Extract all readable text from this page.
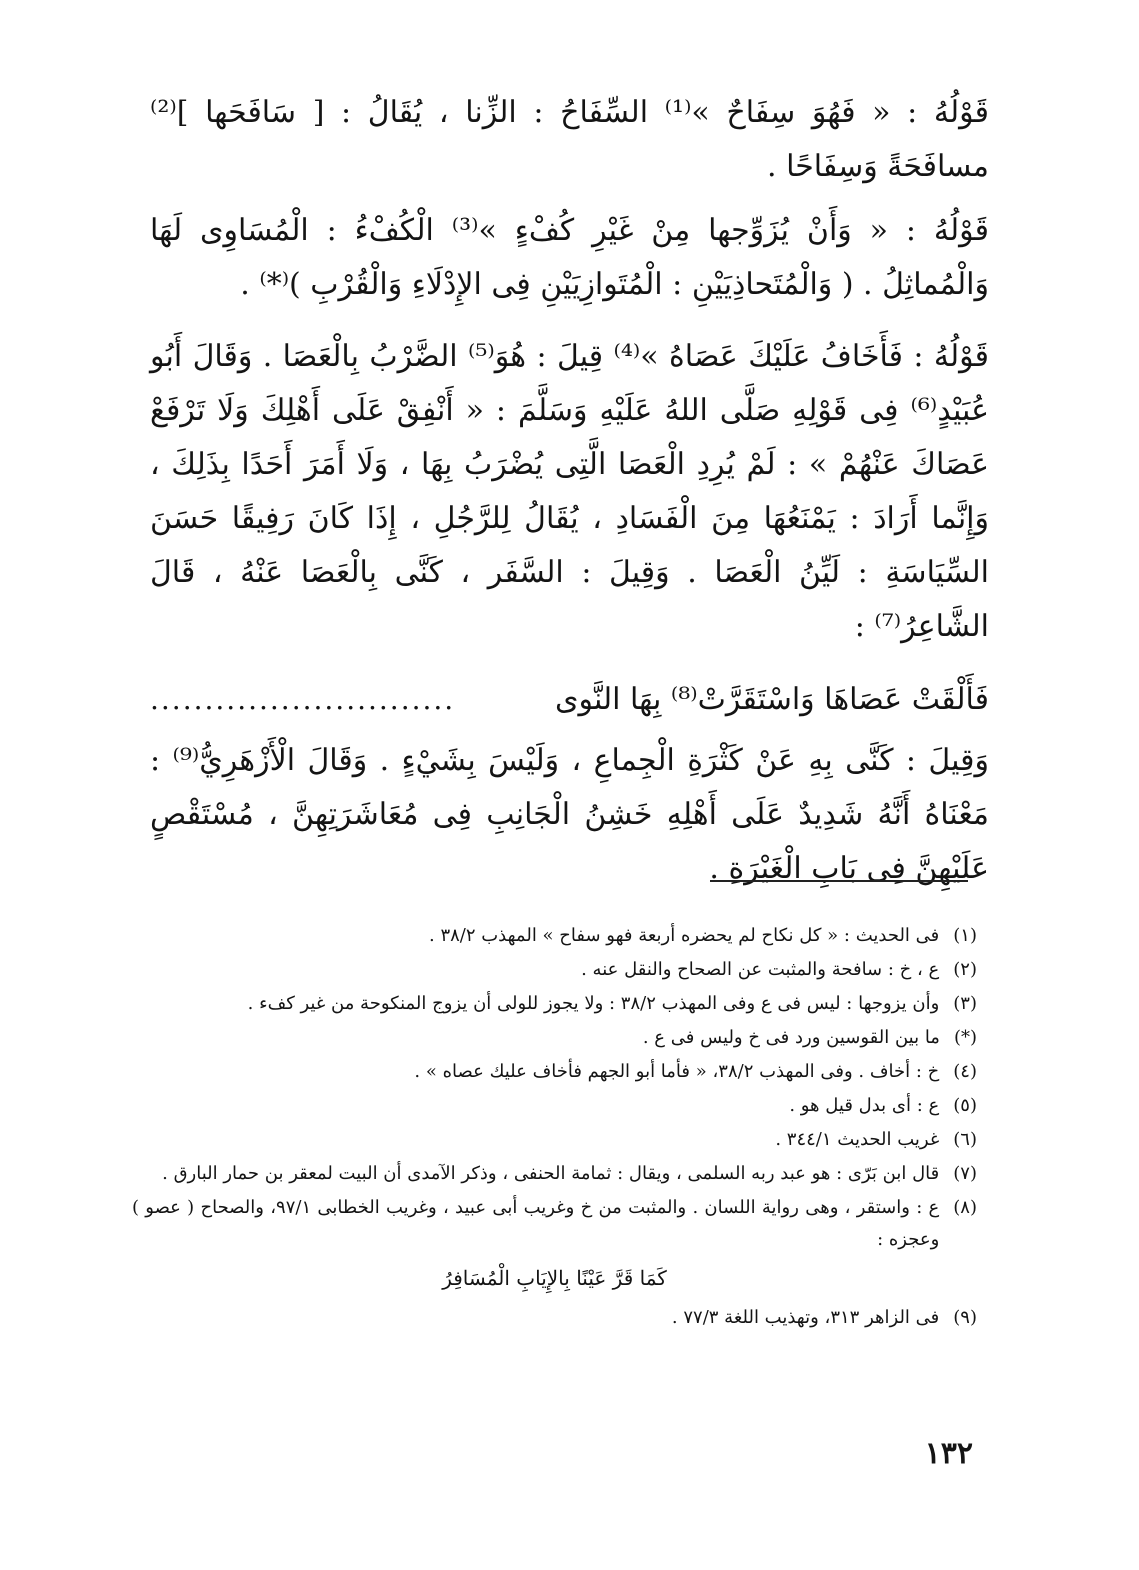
قَوْلُهُ : « فَهُوَ سِفَاحٌ »⁽¹⁾ السِّفَاحُ : الزِّنا ، يُقَالُ : [ سَافَحَها ]⁽²⁾ مسافَحَةً وَسِفَاحًا .

قَوْلُهُ : « وَأَنْ يُزَوِّجها مِنْ غَيْرِ كُفْءٍ »⁽³⁾ الْكُفْءُ : الْمُسَاوِى لَهَا وَالْمُماثِلُ . ( وَالْمُتَحاذِيَيْنِ : الْمُتَوازِيَيْنِ فِى الإِدْلَاءِ وَالْقُرْبِ )⁽*⁾ .

قَوْلُهُ : فَأَخَافُ عَلَيْكَ عَصَاهُ »⁽⁴⁾ قِيلَ : هُوَ⁽⁵⁾ الضَّرْبُ بِالْعَصَا . وَقَالَ أَبُو عُبَيْدٍ⁽⁶⁾ فِى قَوْلِهِ صَلَّى اللهُ عَلَيْهِ وَسَلَّمَ : « أَنْفِقْ عَلَى أَهْلِكَ وَلَا تَرْفَعْ عَصَاكَ عَنْهُمْ » : لَمْ يُرِدِ الْعَصَا الَّتِى يُضْرَبُ بِهَا ، وَلَا أَمَرَ أَحَدًا بِذَلِكَ ، وَإِنَّما أَرَادَ : يَمْنَعُهَا مِنَ الْفَسَادِ ، يُقَالُ لِلرَّجُلِ ، إِذَا كَانَ رَفِيقًا حَسَنَ السِّيَاسَةِ : لَيِّنُ الْعَصَا . وَقِيلَ : السَّفَر ، كَنَّى بِالْعَصَا عَنْهُ ، قَالَ الشَّاعِرُ⁽⁷⁾ :

فَأَلْقَتْ عَصَاهَا وَاسْتَقَرَّتْ⁽⁸⁾ بِهَا النَّوى
............................

وَقِيلَ : كَنَّى بِهِ عَنْ كَثْرَةِ الْجِماعِ ، وَلَيْسَ بِشَيْءٍ . وَقَالَ الْأَزْهَرِيُّ⁽⁹⁾ : مَعْنَاهُ أَنَّهُ شَدِيدٌ عَلَى أَهْلِهِ خَشِنُ الْجَانِبِ فِى مُعَاشَرَتِهِنَّ ، مُسْتَقْصٍ عَلَيْهِنَّ فِى بَابِ الْغَيْرَةِ .

(١)
فى الحديث : « كل نكاح لم يحضره أربعة فهو سفاح » المهذب ٣٨/٢ .
(٢)
ع ، خ : سافحة والمثبت عن الصحاح والنقل عنه .
(٣)
وأن يزوجها : ليس فى ع وفى المهذب ٣٨/٢ : ولا يجوز للولى أن يزوج المنكوحة من غير كفء .
(*)
ما بين القوسين ورد فى خ وليس فى ع .
(٤)
خ : أخاف . وفى المهذب ٣٨/٢، « فأما أبو الجهم فأخاف عليك عصاه » .
(٥)
ع : أى بدل قيل هو .
(٦)
غريب الحديث ٣٤٤/١ .
(٧)
قال ابن بَرّى : هو عبد ربه السلمى ، ويقال : ثمامة الحنفى ، وذكر الآمدى أن البيت لمعقر بن حمار البارق .
(٨)
ع : واستقر ، وهى رواية اللسان . والمثبت من خ وغريب أبى عبيد ، وغريب الخطابى ٩٧/١، والصحاح ( عصو ) وعجزه :

كَمَا قَرَّ عَيْنًا بِالإِيَابِ الْمُسَافِرُ

(٩)
فى الزاهر ٣١٣، وتهذيب اللغة ٧٧/٣ .
١٣٢
